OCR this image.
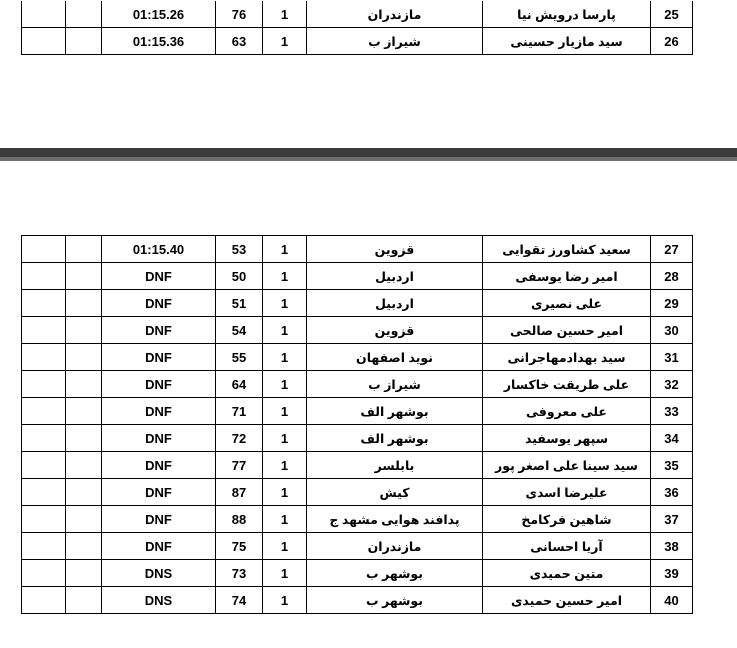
		01:15.26	76	1	مازندران	پارسا درویش نیا	25
		01:15.36	63	1	شیراز ب	سید مازیار حسینی	26
		01:15.40	53	1	قزوین	سعید کشاورز تقوایی	27
		DNF	50	1	اردبیل	امیر رضا یوسفی	28
		DNF	51	1	اردبیل	علی نصیری	29
		DNF	54	1	قزوین	امیر حسین صالحی	30
		DNF	55	1	نوید اصفهان	سید بهدادمهاجرانی	31
		DNF	64	1	شیراز ب	علی طریقت خاکسار	32
		DNF	71	1	بوشهر الف	علی معروفی	33
		DNF	72	1	بوشهر الف	سپهر یوسفید	34
		DNF	77	1	بابلسر	سید سینا علی اصغر پور	35
		DNF	87	1	کیش	علیرضا اسدی	36
		DNF	88	1	پدافند هوایی مشهد ج	شاهین فرکامخ	37
		DNF	75	1	مازندران	آریا احسانی	38
		DNS	73	1	بوشهر ب	متین حمیدی	39
		DNS	74	1	بوشهر ب	امیر حسین حمیدی	40
